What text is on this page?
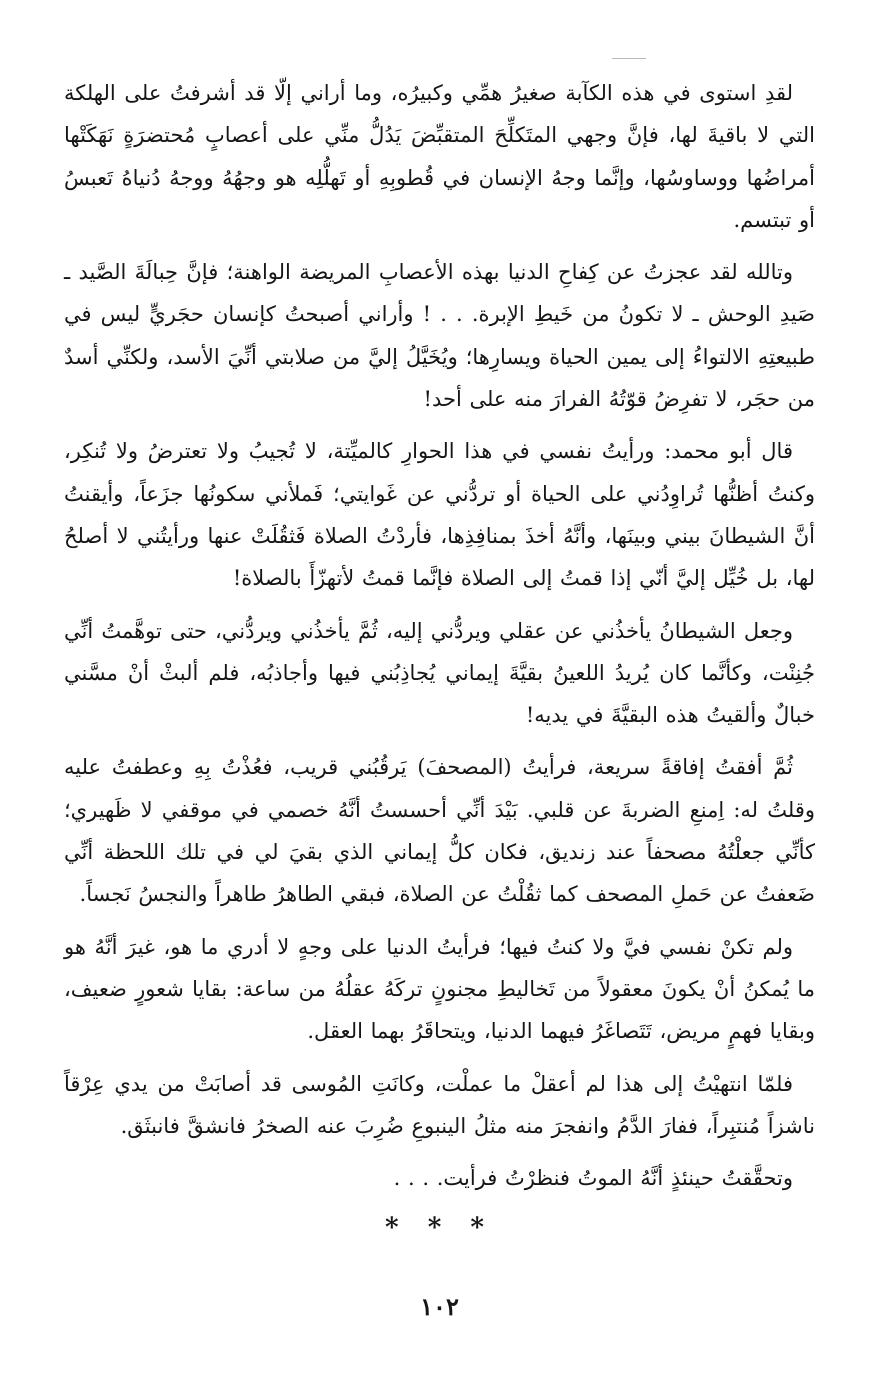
لقدِ استوى في هذه الكآبة صغيرُ همِّي وكبيرُه، وما أراني إلّا قد أشرفتُ على الهلكة التي لا باقيةَ لها، فإنَّ وجهي المتَكلِّحَ المتقبِّضَ يَدُلُّ منِّي على أعصابٍ مُحتضرَةٍ نَهَكَتْها أمراضُها ووساوسُها، وإنَّما وجهُ الإنسان في قُطوبِهِ أو تَهلُّلِه هو وجهُهُ ووجهُ دُنياهُ تَعبسُ أو تبتسم.

وتالله لقد عجزتُ عن كِفاحِ الدنيا بهذه الأعصابِ المريضة الواهنة؛ فإنَّ حِبالَةَ الصَّيد ـ صَيدِ الوحش ـ لا تكونُ من خَيطِ الإبرة. . . ! وأراني أصبحتُ كإنسان حجَريٍّ ليس في طبيعتِهِ الالتواءُ إلى يمين الحياة ويسارِها؛ ويُخَيَّلُ إليَّ من صلابتي أنِّيَ الأسد، ولكنِّي أسدٌ من حجَر، لا تفرِضُ قوّتُهُ الفرارَ منه على أحد!

قال أبو محمد: ورأيتُ نفسي في هذا الحوارِ كالميِّتة، لا تُجيبُ ولا تعترضُ ولا تُنكِر، وكنتُ أظنُّها تُراوِدُني على الحياة أو تردُّني عن غَوايتي؛ فَملأني سكونُها جزَعاً، وأيقنتُ أنَّ الشيطانَ بيني وبينَها، وأنَّهُ أخذَ بمنافِذِها، فأردْتُ الصلاة فَثقُلَتْ عنها ورأيتُني لا أصلحُ لها، بل خُيِّل إليَّ أنّي إذا قمتُ إلى الصلاة فإنَّما قمتُ لأتهزّأَ بالصلاة!

وجعل الشيطانُ يأخذُني عن عقلي ويردُّني إليه، ثُمَّ يأخذُني ويردُّني، حتى توهَّمتُ أنِّي جُنِنْت، وكأنَّما كان يُريدُ اللعينُ بقيَّةَ إيماني يُجاذِبُني فيها وأجاذبُه، فلم ألبثْ أنْ مسَّني خبالٌ وألقيتُ هذه البقيَّةَ في يديه!

ثُمَّ أفقتُ إفاقةً سريعة، فرأيتُ (المصحفَ) يَرقُبُني قريب، فعُذْتُ بِهِ وعطفتُ عليه وقلتُ له: اِمنعِ الضربةَ عن قلبي. بَيْدَ أنِّي أحسستُ أنَّهُ خصمي في موقفي لا ظَهيري؛ كأنِّي جعلْتُهُ مصحفاً عند زنديق، فكان كلُّ إيماني الذي بقيَ لي في تلك اللحظة أنِّي ضَعفتُ عن حَملِ المصحف كما ثقُلْتُ عن الصلاة، فبقي الطاهرُ طاهراً والنجسُ نَجساً.

ولم تكنْ نفسي فيَّ ولا كنتُ فيها؛ فرأيتُ الدنيا على وجهٍ لا أدري ما هو، غيرَ أنَّهُ هو ما يُمكنُ أنْ يكونَ معقولاً من تَخاليطِ مجنونٍ تركَهُ عقلُهُ من ساعة: بقايا شعورٍ ضعيف، وبقايا فهمٍ مريض، تَتَصاغَرُ فيهما الدنيا، ويتحاقَرُ بهما العقل.

فلمّا انتهيْتُ إلى هذا لم أعقلْ ما عملْت، وكانَتِ المُوسى قد أصابَتْ من يدي عِرْقاً ناشزاً مُنتبِراً، ففارَ الدَّمُ وانفجرَ منه مثلُ الينبوعِ ضُرِبَ عنه الصخرُ فانشقَّ فانبثَق.

وتحقَّقتُ حينئذٍ أنَّهُ الموتُ فنظرْتُ فرأيت. . . .

* * *
١٠٢
